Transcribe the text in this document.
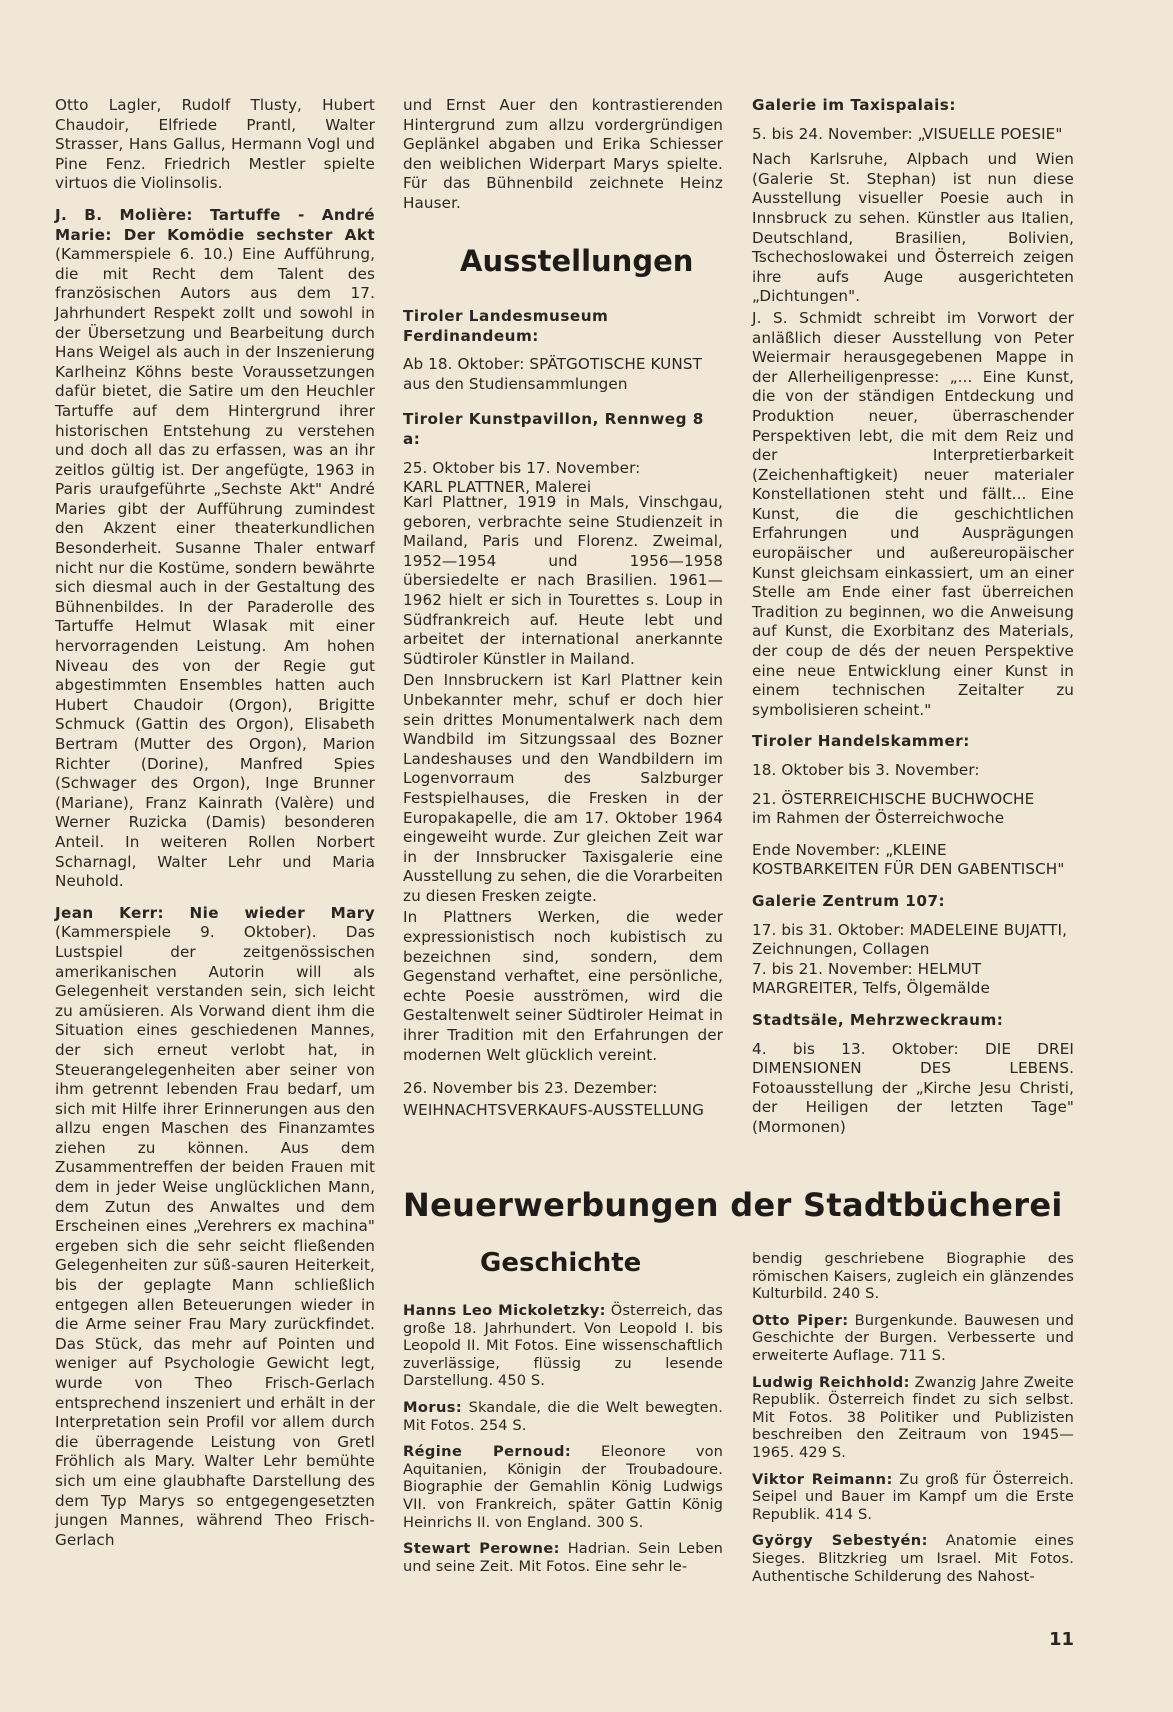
Otto Lagler, Rudolf Tlusty, Hubert Chaudoir, Elfriede Prantl, Walter Strasser, Hans Gallus, Hermann Vogl und Pine Fenz. Friedrich Mestler spielte virtuos die Violinsolis.

J. B. Molière: Tartuffe - André Marie: Der Komödie sechster Akt (Kammerspiele 6. 10.) Eine Aufführung, die mit Recht dem Talent des französischen Autors aus dem 17. Jahrhundert Respekt zollt und sowohl in der Übersetzung und Bearbeitung durch Hans Weigel als auch in der Inszenierung Karlheinz Köhns beste Voraussetzungen dafür bietet, die Satire um den Heuchler Tartuffe auf dem Hintergrund ihrer historischen Entstehung zu verstehen und doch all das zu erfassen, was an ihr zeitlos gültig ist. Der angefügte, 1963 in Paris uraufgeführte „Sechste Akt" André Maries gibt der Aufführung zumindest den Akzent einer theaterkundlichen Besonderheit. Susanne Thaler entwarf nicht nur die Kostüme, sondern bewährte sich diesmal auch in der Gestaltung des Bühnenbildes. In der Paraderolle des Tartuffe Helmut Wlasak mit einer hervorragenden Leistung. Am hohen Niveau des von der Regie gut abgestimmten Ensembles hatten auch Hubert Chaudoir (Orgon), Brigitte Schmuck (Gattin des Orgon), Elisabeth Bertram (Mutter des Orgon), Marion Richter (Dorine), Manfred Spies (Schwager des Orgon), Inge Brunner (Mariane), Franz Kainrath (Valère) und Werner Ruzicka (Damis) besonderen Anteil. In weiteren Rollen Norbert Scharnagl, Walter Lehr und Maria Neuhold.

Jean Kerr: Nie wieder Mary (Kammerspiele 9. Oktober). Das Lustspiel der zeitgenössischen amerikanischen Autorin will als Gelegenheit verstanden sein, sich leicht zu amüsieren. Als Vorwand dient ihm die Situation eines geschiedenen Mannes, der sich erneut verlobt hat, in Steuerangelegenheiten aber seiner von ihm getrennt lebenden Frau bedarf, um sich mit Hilfe ihrer Erinnerungen aus den allzu engen Maschen des Finanzamtes ziehen zu können. Aus dem Zusammentreffen der beiden Frauen mit dem in jeder Weise unglücklichen Mann, dem Zutun des Anwaltes und dem Erscheinen eines „Verehrers ex machina" ergeben sich die sehr seicht fließenden Gelegenheiten zur süß-sauren Heiterkeit, bis der geplagte Mann schließlich entgegen allen Beteuerungen wieder in die Arme seiner Frau Mary zurückfindet. Das Stück, das mehr auf Pointen und weniger auf Psychologie Gewicht legt, wurde von Theo Frisch-Gerlach entsprechend inszeniert und erhält in der Interpretation sein Profil vor allem durch die überragende Leistung von Gretl Fröhlich als Mary. Walter Lehr bemühte sich um eine glaubhafte Darstellung des dem Typ Marys so entgegengesetzten jungen Mannes, während Theo Frisch-Gerlach

und Ernst Auer den kontrastierenden Hintergrund zum allzu vordergründigen Geplänkel abgaben und Erika Schiesser den weiblichen Widerpart Marys spielte. Für das Bühnenbild zeichnete Heinz Hauser.

Ausstellungen

Tiroler Landesmuseum Ferdinandeum:

Ab 18. Oktober: SPÄTGOTISCHE KUNST aus den Studiensammlungen

Tiroler Kunstpavillon, Rennweg 8 a:

25. Oktober bis 17. November:

KARL PLATTNER, Malerei

Karl Plattner, 1919 in Mals, Vinschgau, geboren, verbrachte seine Studienzeit in Mailand, Paris und Florenz. Zweimal, 1952—1954 und 1956—1958 übersiedelte er nach Brasilien. 1961—1962 hielt er sich in Tourettes s. Loup in Südfrankreich auf. Heute lebt und arbeitet der international anerkannte Südtiroler Künstler in Mailand.

Den Innsbruckern ist Karl Plattner kein Unbekannter mehr, schuf er doch hier sein drittes Monumentalwerk nach dem Wandbild im Sitzungssaal des Bozner Landeshauses und den Wandbildern im Logenvorraum des Salzburger Festspielhauses, die Fresken in der Europakapelle, die am 17. Oktober 1964 eingeweiht wurde. Zur gleichen Zeit war in der Innsbrucker Taxisgalerie eine Ausstellung zu sehen, die die Vorarbeiten zu diesen Fresken zeigte.

In Plattners Werken, die weder expressionistisch noch kubistisch zu bezeichnen sind, sondern, dem Gegenstand verhaftet, eine persönliche, echte Poesie ausströmen, wird die Gestaltenwelt seiner Südtiroler Heimat in ihrer Tradition mit den Erfahrungen der modernen Welt glücklich vereint.

26. November bis 23. Dezember:

WEIHNACHTSVERKAUFS-AUSSTELLUNG

Galerie im Taxispalais:

5. bis 24. November: „VISUELLE POESIE"

Nach Karlsruhe, Alpbach und Wien (Galerie St. Stephan) ist nun diese Ausstellung visueller Poesie auch in Innsbruck zu sehen. Künstler aus Italien, Deutschland, Brasilien, Bolivien, Tschechoslowakei und Österreich zeigen ihre aufs Auge ausgerichteten „Dichtungen".

J. S. Schmidt schreibt im Vorwort der anläßlich dieser Ausstellung von Peter Weiermair herausgegebenen Mappe in der Allerheiligenpresse: „... Eine Kunst, die von der ständigen Entdeckung und Produktion neuer, überraschender Perspektiven lebt, die mit dem Reiz und der Interpretierbarkeit (Zeichenhaftigkeit) neuer materialer Konstellationen steht und fällt... Eine Kunst, die die geschichtlichen Erfahrungen und Ausprägungen europäischer und außereuropäischer Kunst gleichsam einkassiert, um an einer Stelle am Ende einer fast überreichen Tradition zu beginnen, wo die Anweisung auf Kunst, die Exorbitanz des Materials, der coup de dés der neuen Perspektive eine neue Entwicklung einer Kunst in einem technischen Zeitalter zu symbolisieren scheint."

Tiroler Handelskammer:

18. Oktober bis 3. November:

21. ÖSTERREICHISCHE BUCHWOCHE

im Rahmen der Österreichwoche

Ende November: „KLEINE KOSTBARKEITEN FÜR DEN GABENTISCH"

Galerie Zentrum 107:

17. bis 31. Oktober: MADELEINE BUJATTI, Zeichnungen, Collagen

7. bis 21. November: HELMUT MARGREITER, Telfs, Ölgemälde

Stadtsäle, Mehrzweckraum:

4. bis 13. Oktober: DIE DREI DIMENSIONEN DES LEBENS. Fotoausstellung der „Kirche Jesu Christi, der Heiligen der letzten Tage" (Mormonen)

Neuerwerbungen der Stadtbücherei
Geschichte

Hanns Leo Mickoletzky: Österreich, das große 18. Jahrhundert. Von Leopold I. bis Leopold II. Mit Fotos. Eine wissenschaftlich zuverlässige, flüssig zu lesende Darstellung. 450 S.

Morus: Skandale, die die Welt bewegten. Mit Fotos. 254 S.

Régine Pernoud: Eleonore von Aquitanien, Königin der Troubadoure. Biographie der Gemahlin König Ludwigs VII. von Frankreich, später Gattin König Heinrichs II. von England. 300 S.

Stewart Perowne: Hadrian. Sein Leben und seine Zeit. Mit Fotos. Eine sehr le-

bendig geschriebene Biographie des römischen Kaisers, zugleich ein glänzendes Kulturbild. 240 S.

Otto Piper: Burgenkunde. Bauwesen und Geschichte der Burgen. Verbesserte und erweiterte Auflage. 711 S.

Ludwig Reichhold: Zwanzig Jahre Zweite Republik. Österreich findet zu sich selbst. Mit Fotos. 38 Politiker und Publizisten beschreiben den Zeitraum von 1945—1965. 429 S.

Viktor Reimann: Zu groß für Österreich. Seipel und Bauer im Kampf um die Erste Republik. 414 S.

György Sebestyén: Anatomie eines Sieges. Blitzkrieg um Israel. Mit Fotos. Authentische Schilderung des Nahost-

11
